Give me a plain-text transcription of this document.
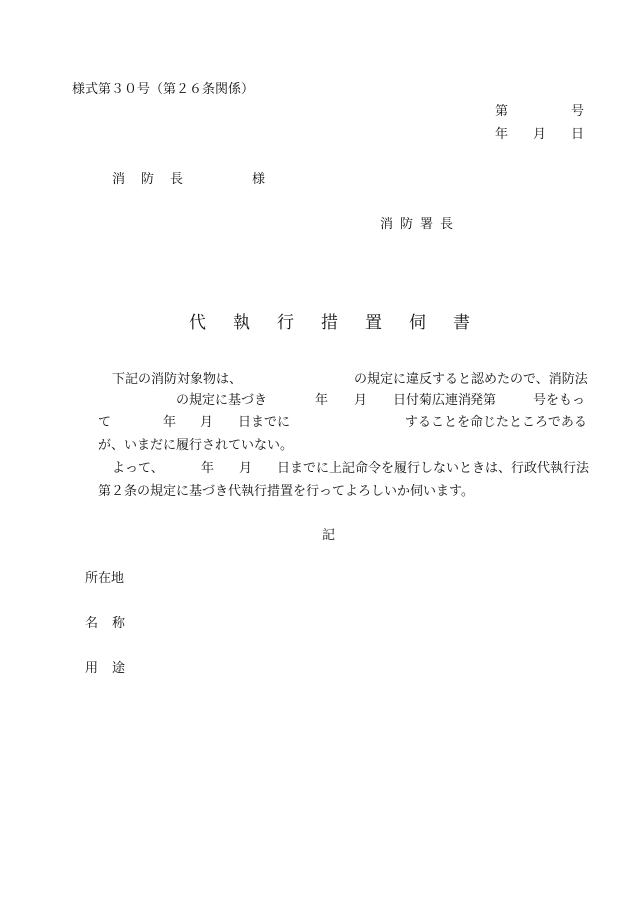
様式第３０号（第２６条関係）
第	号
年 月 日
消防長	様
消防署長
代執行措置伺書
下記の消防対象物は、	の規定に違反すると認めたので、消防法
の規定に基づき	年 月 日付菊広連消
発第	号をもっ
て	年 月 日までに	することを命じたところである
が、いまだに履行されていない。
よって、	年 月 日までに上記命令を履行しないときは、行政代執行法
第２条の規定に基づき代執行措置を行ってよろしいか伺います。
記
所在地
名称
用途
